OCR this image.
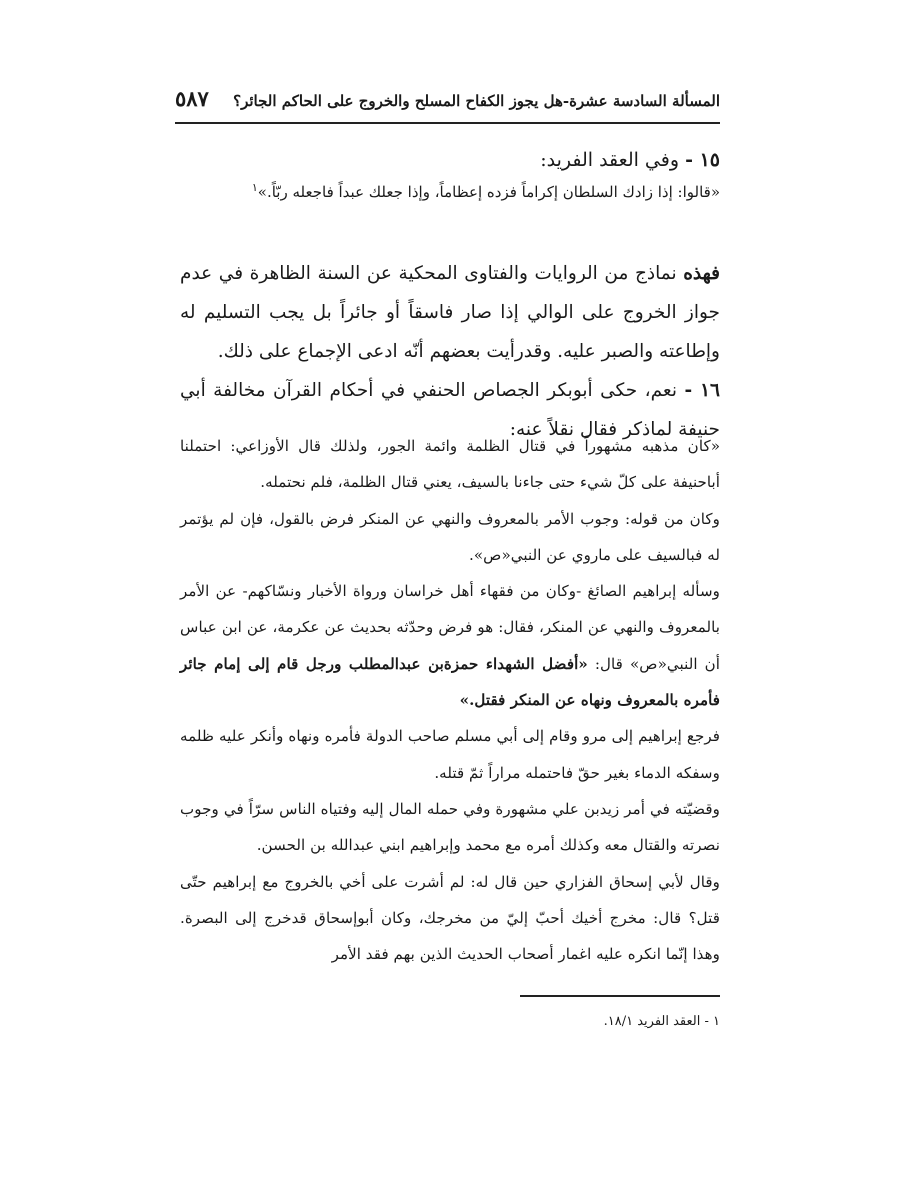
المسألة السادسة عشرة-هل يجوز الكفاح المسلح والخروج على الحاكم الجائر؟
٥٨٧
١٥ - وفي العقد الفريد:
«قالوا: إذا زادك السلطان إكراماً فزده إعظاماً، وإذا جعلك عبداً فاجعله ربّاً.»$^١$
فهذه نماذج من الروايات والفتاوى المحكية عن السنة الظاهرة في عدم جواز الخروج على الوالي إذا صار فاسقاً أو جائراً بل يجب التسليم له وإطاعته والصبر عليه. وقدرأيت بعضهم أنّه ادعى الإجماع على ذلك.
١٦ - نعم، حكى أبوبكر الجصاص الحنفي في أحكام القرآن مخالفة أبي حنيفة لماذكر فقال نقلاً عنه:

«كان مذهبه مشهوراً في قتال الظلمة وائمة الجور، ولذلك قال الأوزاعي: احتملنا أباحنيفة على كلّ شيء حتى جاءنا بالسيف، يعني قتال الظلمة، فلم نحتمله.

وكان من قوله: وجوب الأمر بالمعروف والنهي عن المنكر فرض بالقول، فإن لم يؤتمر له فبالسيف على ماروي عن النبي«ص».

وسأله إبراهيم الصائغ -وكان من فقهاء أهل خراسان ورواة الأخبار ونسّاكهم- عن الأمر بالمعروف والنهي عن المنكر، فقال: هو فرض وحدّثه بحديث عن عكرمة، عن ابن عباس أن النبي«ص» قال: «أفضل الشهداء حمزةبن عبدالمطلب ورجل قام إلى إمام جائر فأمره بالمعروف ونهاه عن المنكر فقتل.»

فرجع إبراهيم إلى مرو وقام إلى أبي مسلم صاحب الدولة فأمره ونهاه وأنكر عليه ظلمه وسفكه الدماء بغير حقّ فاحتمله مراراً ثمّ قتله.

وقضيّته في أمر زيدبن علي مشهورة وفي حمله المال إليه وفتياه الناس سرّاً في وجوب نصرته والقتال معه وكذلك أمره مع محمد وإبراهيم ابني عبدالله بن الحسن.

وقال لأبي إسحاق الفزاري حين قال له: لم أشرت على أخي بالخروج مع إبراهيم حتّى قتل؟ قال: مخرج أخيك أحبّ إليّ من مخرجك، وكان أبوإسحاق قدخرج إلى البصرة. وهذا إنّما انكره عليه اغمار أصحاب الحديث الذين بهم فقد الأمر

١ - العقد الفريد ١٨/١.
